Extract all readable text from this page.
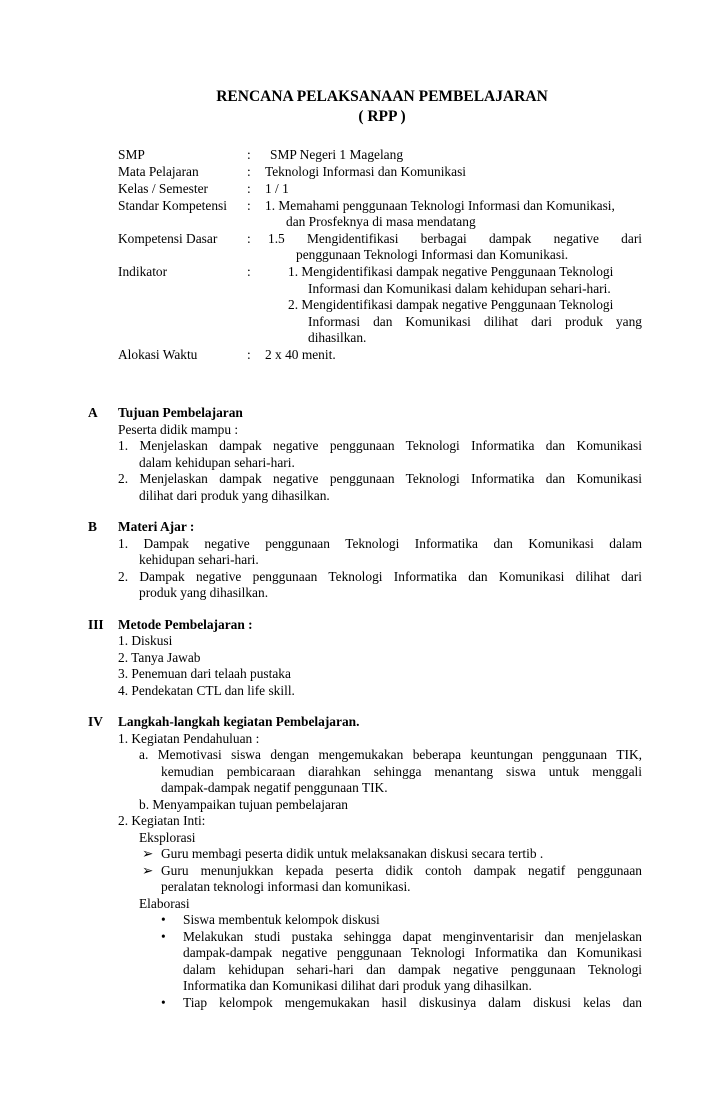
RENCANA PELAKSANAAN PEMBELAJARAN
( RPP )
SMP	: SMP Negeri 1 Magelang
Mata Pelajaran	: Teknologi Informasi dan Komunikasi
Kelas / Semester	: 1 / 1
Standar Kompetensi : 1. Memahami penggunaan Teknologi Informasi dan Komunikasi,
dan Prosfeknya di masa mendatang
Kompetensi Dasar : 1.5 Mengidentifikasi berbagai dampak negative dari
penggunaan Teknologi Informasi dan Komunikasi.
Indikator	:	1. Mengidentifikasi dampak negative Penggunaan Teknologi
Informasi dan Komunikasi dalam kehidupan sehari-hari.
2. Mengidentifikasi dampak negative Penggunaan Teknologi
Informasi dan Komunikasi dilihat dari produk yang
dihasilkan.
Alokasi Waktu	: 2 x 40 menit.
A Tujuan Pembelajaran
Peserta didik mampu :
1. Menjelaskan dampak negative penggunaan Teknologi Informatika dan Komunikasi
dalam kehidupan sehari-hari.
2. Menjelaskan dampak negative penggunaan Teknologi Informatika dan Komunikasi
dilihat dari produk yang dihasilkan.
B Materi Ajar :
1. Dampak negative penggunaan Teknologi Informatika dan Komunikasi dalam
kehidupan sehari-hari.
2. Dampak negative penggunaan Teknologi Informatika dan Komunikasi dilihat dari
produk yang dihasilkan.
III Metode Pembelajaran :
1. Diskusi
2. Tanya Jawab
3. Penemuan dari telaah pustaka
4. Pendekatan CTL dan life skill.
IV Langkah-langkah kegiatan Pembelajaran.
1. Kegiatan Pendahuluan :
a. Memotivasi siswa dengan mengemukakan beberapa keuntungan penggunaan TIK,
kemudian pembicaraan diarahkan sehingga menantang siswa untuk menggali
dampak-dampak negatif penggunaan TIK.
b. Menyampaikan tujuan pembelajaran
2. Kegiatan Inti:
Eksplorasi
➢ Guru membagi peserta didik untuk melaksanakan diskusi secara tertib .
➢ Guru menunjukkan kepada peserta didik contoh dampak negatif penggunaan
peralatan teknologi informasi dan komunikasi.
Elaborasi
• Siswa membentuk kelompok diskusi
• Melakukan studi pustaka sehingga dapat menginventarisir dan menjelaskan
dampak-dampak negative penggunaan Teknologi Informatika dan Komunikasi
dalam kehidupan sehari-hari dan dampak negative penggunaan Teknologi
Informatika dan Komunikasi dilihat dari produk yang dihasilkan.
• Tiap kelompok mengemukakan hasil diskusinya dalam diskusi kelas dan
